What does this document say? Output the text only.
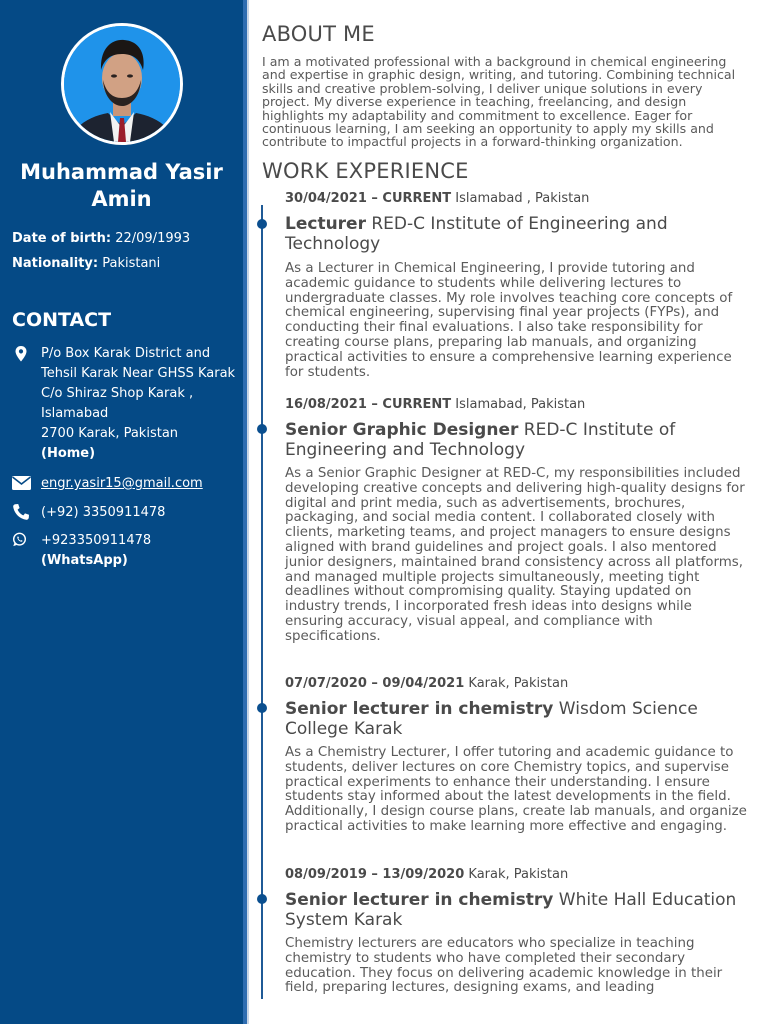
Muhammad Yasir Amin
Date of birth: 22/09/1993
Nationality: Pakistani
CONTACT
P/o Box Karak District and Tehsil Karak Near GHSS Karak C/o Shiraz Shop Karak , Islamabad
2700 Karak, Pakistan
(Home)
engr.yasir15@gmail.com
(+92) 3350911478
+923350911478
(WhatsApp)
ABOUT ME
I am a motivated professional with a background in chemical engineering and expertise in graphic design, writing, and tutoring. Combining technical skills and creative problem-solving, I deliver unique solutions in every project. My diverse experience in teaching, freelancing, and design highlights my adaptability and commitment to excellence. Eager for continuous learning, I am seeking an opportunity to apply my skills and contribute to impactful projects in a forward-thinking organization.
WORK EXPERIENCE
30/04/2021 – CURRENT Islamabad , Pakistan
Lecturer RED-C Institute of Engineering and Technology
As a Lecturer in Chemical Engineering, I provide tutoring and academic guidance to students while delivering lectures to undergraduate classes. My role involves teaching core concepts of chemical engineering, supervising final year projects (FYPs), and conducting their final evaluations. I also take responsibility for creating course plans, preparing lab manuals, and organizing practical activities to ensure a comprehensive learning experience for students.
16/08/2021 – CURRENT Islamabad, Pakistan
Senior Graphic Designer RED-C Institute of Engineering and Technology
As a Senior Graphic Designer at RED-C, my responsibilities included developing creative concepts and delivering high-quality designs for digital and print media, such as advertisements, brochures, packaging, and social media content. I collaborated closely with clients, marketing teams, and project managers to ensure designs aligned with brand guidelines and project goals. I also mentored junior designers, maintained brand consistency across all platforms, and managed multiple projects simultaneously, meeting tight deadlines without compromising quality. Staying updated on industry trends, I incorporated fresh ideas into designs while ensuring accuracy, visual appeal, and compliance with specifications.
07/07/2020 – 09/04/2021 Karak, Pakistan
Senior lecturer in chemistry Wisdom Science College Karak
As a Chemistry Lecturer, I offer tutoring and academic guidance to students, deliver lectures on core Chemistry topics, and supervise practical experiments to enhance their understanding. I ensure students stay informed about the latest developments in the field. Additionally, I design course plans, create lab manuals, and organize practical activities to make learning more effective and engaging.
08/09/2019 – 13/09/2020 Karak, Pakistan
Senior lecturer in chemistry White Hall Education System Karak
Chemistry lecturers are educators who specialize in teaching chemistry to students who have completed their secondary education. They focus on delivering academic knowledge in their field, preparing lectures, designing exams, and leading
